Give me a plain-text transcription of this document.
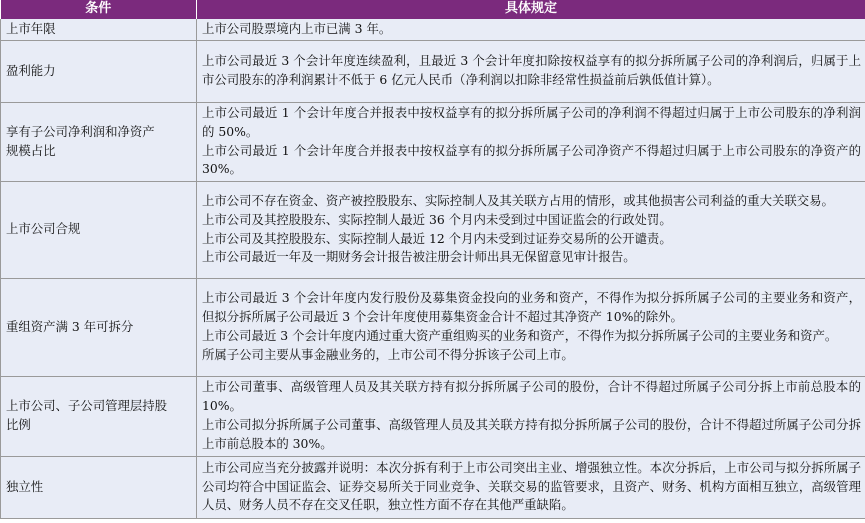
条件	具体规定

上市年限	上市公司股票境内上市已满 3 年。

盈利能力	上市公司最近 3 个会计年度连续盈利，且最近 3 个会计年度扣除按权益享有的拟分拆所属子公司的净利润后，归属于上市公司股东的净利润累计不低于 6 亿元人民币（净利润以扣除非经常性损益前后孰低值计算）。

享有子公司净利润和净资产
规模占比	上市公司最近 1 个会计年度合并报表中按权益享有的拟分拆所属子公司的净利润不得超过归属于上市公司股东的净利润的 50%。
上市公司最近 1 个会计年度合并报表中按权益享有的拟分拆所属子公司净资产不得超过归属于上市公司股东的净资产的 30%。

上市公司合规	上市公司不存在资金、资产被控股股东、实际控制人及其关联方占用的情形，或其他损害公司利益的重大关联交易。
上市公司及其控股股东、实际控制人最近 36 个月内未受到过中国证监会的行政处罚。
上市公司及其控股股东、实际控制人最近 12 个月内未受到过证券交易所的公开谴责。
上市公司最近一年及一期财务会计报告被注册会计师出具无保留意见审计报告。

重组资产满 3 年可拆分	上市公司最近 3 个会计年度内发行股份及募集资金投向的业务和资产，不得作为拟分拆所属子公司的主要业务和资产，但拟分拆所属子公司最近 3 个会计年度使用募集资金合计不超过其净资产 10%的除外。
上市公司最近 3 个会计年度内通过重大资产重组购买的业务和资产，不得作为拟分拆所属子公司的主要业务和资产。
所属子公司主要从事金融业务的，上市公司不得分拆该子公司上市。

上市公司、子公司管理层持股
比例	上市公司董事、高级管理人员及其关联方持有拟分拆所属子公司的股份，合计不得超过所属子公司分拆上市前总股本的 10%。
上市公司拟分拆所属子公司董事、高级管理人员及其关联方持有拟分拆所属子公司的股份，合计不得超过所属子公司分拆上市前总股本的 30%。

独立性	上市公司应当充分披露并说明：本次分拆有利于上市公司突出主业、增强独立性。本次分拆后，上市公司与拟分拆所属子公司均符合中国证监会、证券交易所关于同业竞争、关联交易的监管要求，且资产、财务、机构方面相互独立，高级管理人员、财务人员不存在交叉任职，独立性方面不存在其他严重缺陷。
